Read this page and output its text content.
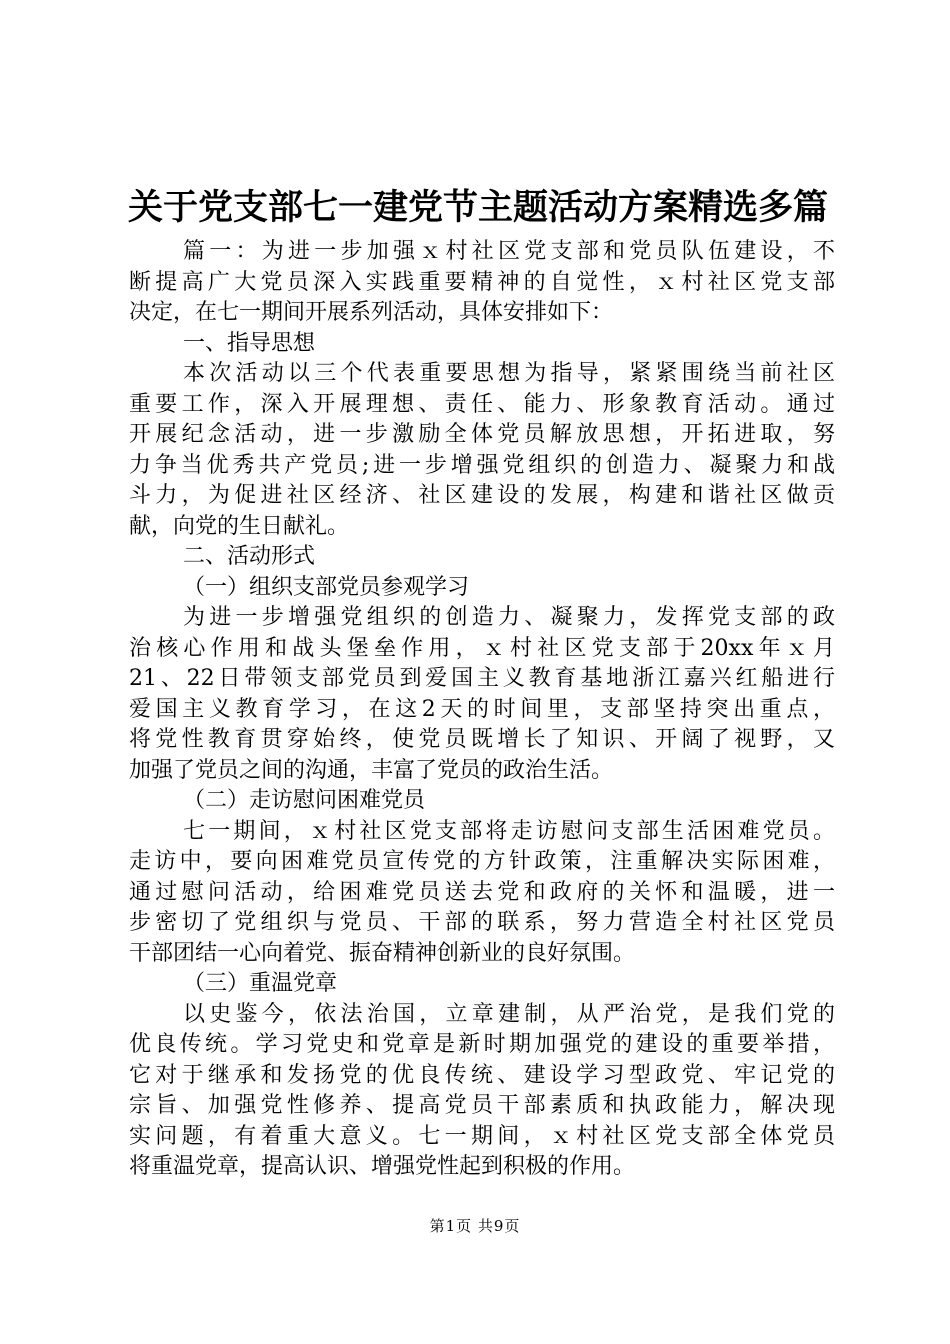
关于党支部七一建党节主题活动方案精选多篇
篇一：为进一步加强ｘ村社区党支部和党员队伍建设，不
断提高广大党员深入实践重要精神的自觉性，ｘ村社区党支部
决定，在七一期间开展系列活动，具体安排如下：
一、指导思想
本次活动以三个代表重要思想为指导，紧紧围绕当前社区
重要工作，深入开展理想、责任、能力、形象教育活动。通过
开展纪念活动，进一步激励全体党员解放思想，开拓进取，努
力争当优秀共产党员;进一步增强党组织的创造力、凝聚力和战
斗力，为促进社区经济、社区建设的发展，构建和谐社区做贡
献，向党的生日献礼。
二、活动形式
（一）组织支部党员参观学习
为进一步增强党组织的创造力、凝聚力，发挥党支部的政
治核心作用和战头堡垒作用，ｘ村社区党支部于20xx年ｘ月
21、22日带领支部党员到爱国主义教育基地浙江嘉兴红船进行
爱国主义教育学习，在这2天的时间里，支部坚持突出重点，
将党性教育贯穿始终，使党员既增长了知识、开阔了视野，又
加强了党员之间的沟通，丰富了党员的政治生活。
（二）走访慰问困难党员
七一期间，ｘ村社区党支部将走访慰问支部生活困难党员。
走访中，要向困难党员宣传党的方针政策，注重解决实际困难，
通过慰问活动，给困难党员送去党和政府的关怀和温暖，进一
步密切了党组织与党员、干部的联系，努力营造全村社区党员
干部团结一心向着党、振奋精神创新业的良好氛围。
（三）重温党章
以史鉴今，依法治国，立章建制，从严治党，是我们党的
优良传统。学习党史和党章是新时期加强党的建设的重要举措，
它对于继承和发扬党的优良传统、建设学习型政党、牢记党的
宗旨、加强党性修养、提高党员干部素质和执政能力，解决现
实问题，有着重大意义。七一期间，ｘ村社区党支部全体党员
将重温党章，提高认识、增强党性起到积极的作用。
第1页 共9页
